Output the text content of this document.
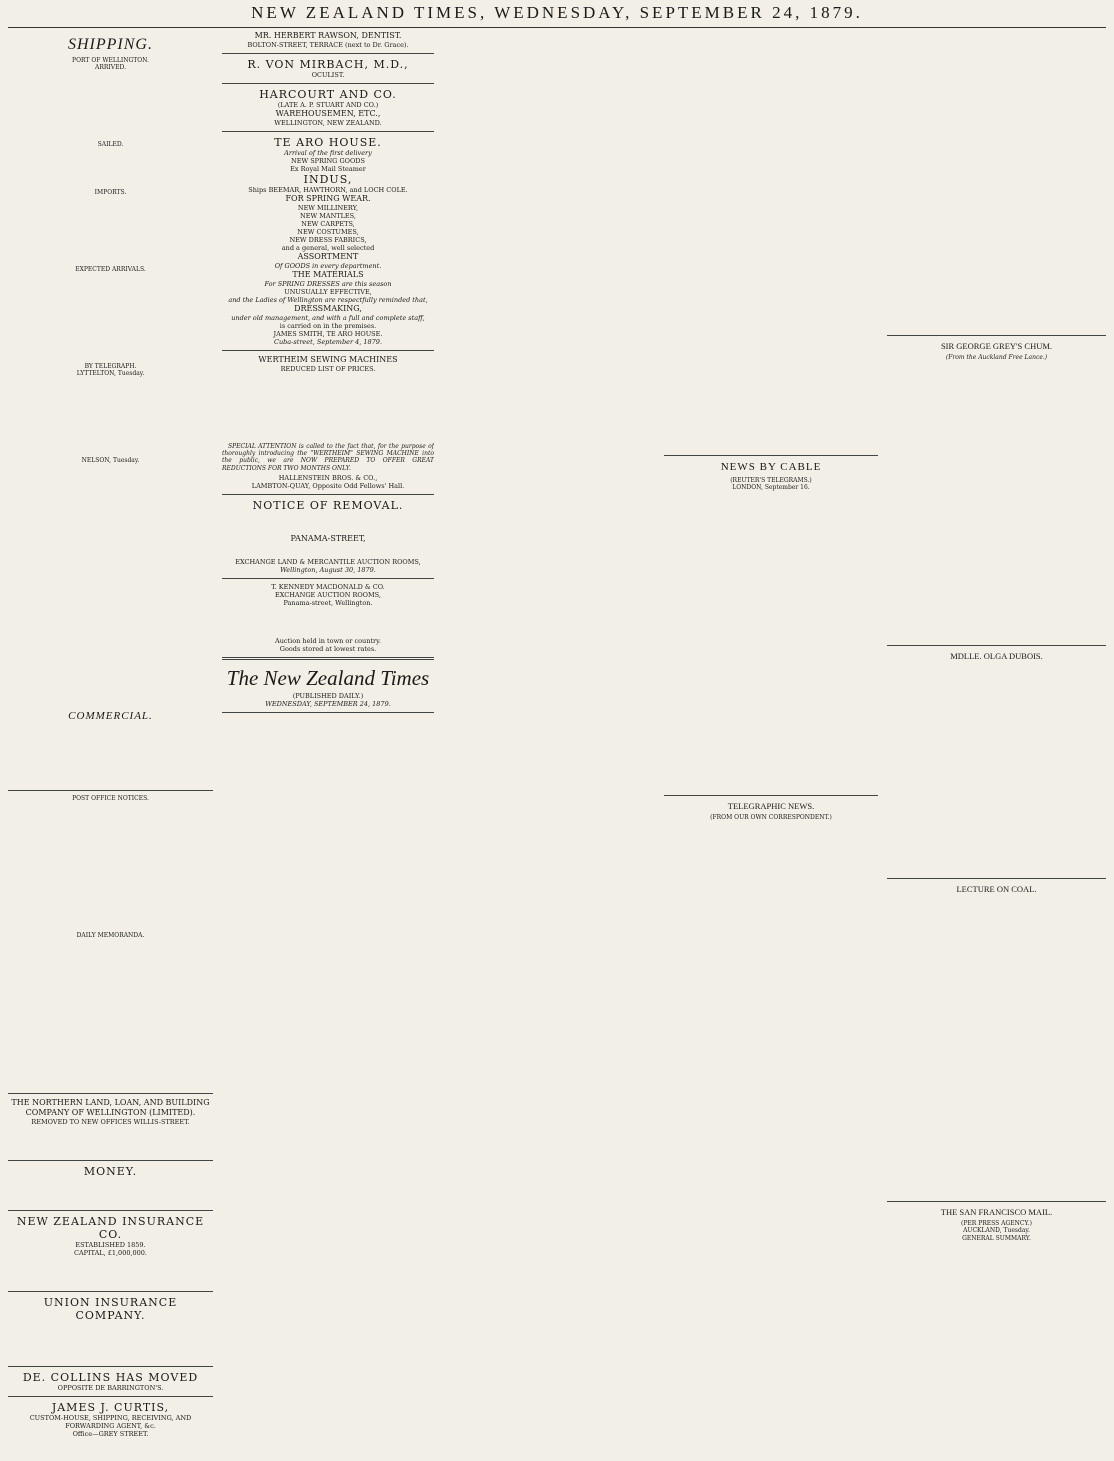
NEW ZEALAND TIMES, WEDNESDAY, SEPTEMBER 24, 1879.
SHIPPING.
PORT OF WELLINGTON.
ARRIVED.
SAILED.
IMPORTS.
EXPECTED ARRIVALS.
BY TELEGRAPH.
LYTTELTON, Tuesday.
NELSON, Tuesday.
COMMERCIAL.
POST OFFICE NOTICES.
DAILY MEMORANDA.
THE NORTHERN LAND, LOAN, AND BUILDING COMPANY OF WELLINGTON (LIMITED).
REMOVED TO NEW OFFICES WILLIS-STREET.
MONEY.
NEW ZEALAND INSURANCE CO.
ESTABLISHED 1859.
CAPITAL, £1,000,000.
UNION INSURANCE COMPANY.
DE. COLLINS HAS MOVED
OPPOSITE DE BARRINGTON'S.
JAMES J. CURTIS,
CUSTOM-HOUSE, SHIPPING, RECEIVING, AND FORWARDING AGENT, &c.
Office—GREY STREET.
MR. HERBERT RAWSON, DENTIST.
BOLTON-STREET, TERRACE (next to Dr. Grace).
R. VON MIRBACH, M.D.,
OCULIST.
HARCOURT AND CO.
(LATE A. P. STUART AND CO.)
WAREHOUSEMEN, ETC.,
WELLINGTON, NEW ZEALAND.
TE ARO HOUSE.
Arrival of the first delivery
NEW SPRING GOODS
Ex Royal Mail Steamer
INDUS,
Ships BEEMAR, HAWTHORN, and LOCH COLE.
FOR SPRING WEAR.
NEW MILLINERY,
NEW MANTLES,
NEW CARPETS,
NEW COSTUMES,
NEW DRESS FABRICS,
and a general, well selected
ASSORTMENT
Of GOODS in every department.
THE MATERIALS
For SPRING DRESSES are this season
UNUSUALLY EFFECTIVE,
and the Ladies of Wellington are respectfully reminded that,
DRESSMAKING,
under old management, and with a full and complete staff,
is carried on in the premises.
JAMES SMITH, TE ARO HOUSE.
Cuba-street, September 4, 1879.
WERTHEIM SEWING MACHINES
REDUCED LIST OF PRICES.
SPECIAL ATTENTION is called to the fact that, for the purpose of thoroughly introducing the "WERTHEIM" SEWING MACHINE into the public, we are NOW PREPARED TO OFFER GREAT REDUCTIONS FOR TWO MONTHS ONLY.
HALLENSTEIN BROS. & CO.,
LAMBTON-QUAY, Opposite Odd Fellows' Hall.
NOTICE OF REMOVAL.
PANAMA-STREET,
EXCHANGE LAND & MERCANTILE AUCTION ROOMS,
Wellington, August 30, 1879.
T. KENNEDY MACDONALD & CO.
EXCHANGE AUCTION ROOMS,
Panama-street, Wellington.
Auction held in town or country.
Goods stored at lowest rates.
The New Zealand Times
(PUBLISHED DAILY.)
WEDNESDAY, SEPTEMBER 24, 1879.
NEWS BY CABLE
(REUTER'S TELEGRAMS.)
LONDON, September 16.
TELEGRAPHIC NEWS.
(FROM OUR OWN CORRESPONDENT.)
SIR GEORGE GREY'S CHUM.
(From the Auckland Free Lance.)
MDLLE. OLGA DUBOIS.
LECTURE ON COAL.
THE SAN FRANCISCO MAIL.
(PER PRESS AGENCY.)
AUCKLAND, Tuesday.
GENERAL SUMMARY.
